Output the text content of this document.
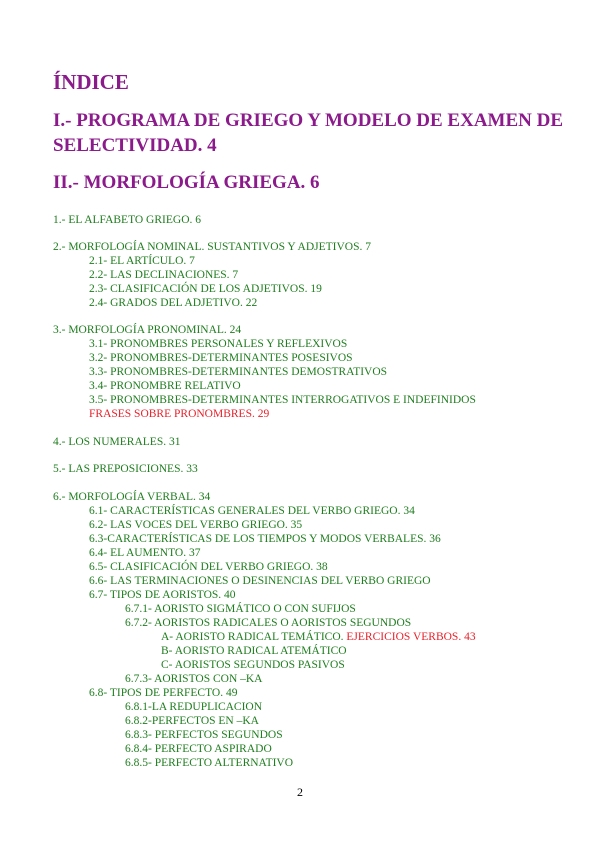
ÍNDICE
I.- PROGRAMA DE GRIEGO Y MODELO DE EXAMEN DE SELECTIVIDAD. 4
II.- MORFOLOGÍA GRIEGA. 6
1.- EL ALFABETO GRIEGO. 6
2.- MORFOLOGÍA NOMINAL. SUSTANTIVOS Y ADJETIVOS. 7
2.1- EL ARTÍCULO. 7
2.2- LAS DECLINACIONES. 7
2.3- CLASIFICACIÓN DE LOS ADJETIVOS. 19
2.4- GRADOS DEL ADJETIVO. 22
3.- MORFOLOGÍA PRONOMINAL. 24
3.1- PRONOMBRES PERSONALES Y REFLEXIVOS
3.2- PRONOMBRES-DETERMINANTES POSESIVOS
3.3- PRONOMBRES-DETERMINANTES DEMOSTRATIVOS
3.4- PRONOMBRE RELATIVO
3.5- PRONOMBRES-DETERMINANTES INTERROGATIVOS E INDEFINIDOS
FRASES SOBRE PRONOMBRES. 29
4.- LOS NUMERALES. 31
5.- LAS PREPOSICIONES. 33
6.- MORFOLOGÍA VERBAL. 34
6.1- CARACTERÍSTICAS GENERALES DEL VERBO GRIEGO. 34
6.2- LAS VOCES DEL VERBO GRIEGO. 35
6.3-CARACTERÍSTICAS DE LOS TIEMPOS Y MODOS VERBALES. 36
6.4- EL AUMENTO. 37
6.5- CLASIFICACIÓN DEL VERBO GRIEGO. 38
6.6- LAS TERMINACIONES O DESINENCIAS DEL VERBO GRIEGO
6.7- TIPOS DE AORISTOS. 40
6.7.1- AORISTO SIGMÁTICO O CON SUFIJOS
6.7.2- AORISTOS RADICALES O AORISTOS SEGUNDOS
A- AORISTO RADICAL TEMÁTICO. EJERCICIOS VERBOS. 43
B- AORISTO RADICAL ATEMÁTICO
C- AORISTOS SEGUNDOS PASIVOS
6.7.3- AORISTOS CON –KA
6.8- TIPOS DE PERFECTO. 49
6.8.1-LA REDUPLICACION
6.8.2-PERFECTOS EN –KA
6.8.3- PERFECTOS SEGUNDOS
6.8.4- PERFECTO ASPIRADO
6.8.5- PERFECTO ALTERNATIVO
2
